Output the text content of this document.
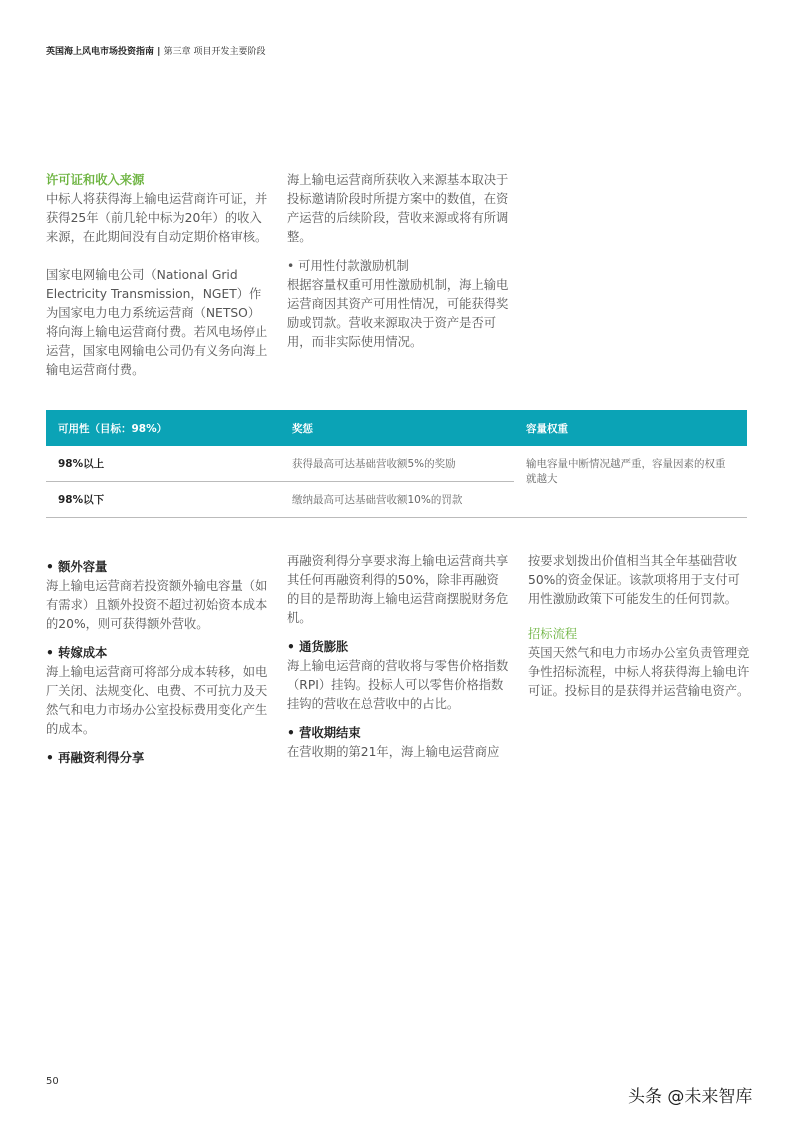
英国海上风电市场投资指南 | 第三章 项目开发主要阶段
许可证和收入来源

中标人将获得海上输电运营商许可证，并获得25年（前几轮中标为20年）的收入来源，在此期间没有自动定期价格审核。

国家电网输电公司（National Grid Electricity Transmission，NGET）作为国家电力电力系统运营商（NETSO）将向海上输电运营商付费。若风电场停止运营，国家电网输电公司仍有义务向海上输电运营商付费。

海上输电运营商所获收入来源基本取决于投标邀请阶段时所提方案中的数值，在资产运营的后续阶段，营收来源或将有所调整。

• 可用性付款激励机制

根据容量权重可用性激励机制，海上输电运营商因其资产可用性情况，可能获得奖励或罚款。营收来源取决于资产是否可用，而非实际使用情况。

可用性（目标：98%）	奖惩	容量权重
98%以上	获得最高可达基础营收额5%的奖励	输电容量中断情况越严重，容量因素的权重就越大
98%以下	缴纳最高可达基础营收额10%的罚款	
• 额外容量

海上输电运营商若投资额外输电容量（如有需求）且额外投资不超过初始资本成本的20%，则可获得额外营收。

• 转嫁成本

海上输电运营商可将部分成本转移，如电厂关闭、法规变化、电费、不可抗力及天然气和电力市场办公室投标费用变化产生的成本。

• 再融资利得分享

再融资利得分享要求海上输电运营商共享其任何再融资利得的50%，除非再融资的目的是帮助海上输电运营商摆脱财务危机。

• 通货膨胀

海上输电运营商的营收将与零售价格指数（RPI）挂钩。投标人可以零售价格指数挂钩的营收在总营收中的占比。

• 营收期结束

在营收期的第21年，海上输电运营商应

按要求划拨出价值相当其全年基础营收50%的资金保证。该款项将用于支付可用性激励政策下可能发生的任何罚款。

招标流程

英国天然气和电力市场办公室负责管理竞争性招标流程，中标人将获得海上输电许可证。投标目的是获得并运营输电资产。

50
头条 @未来智库
